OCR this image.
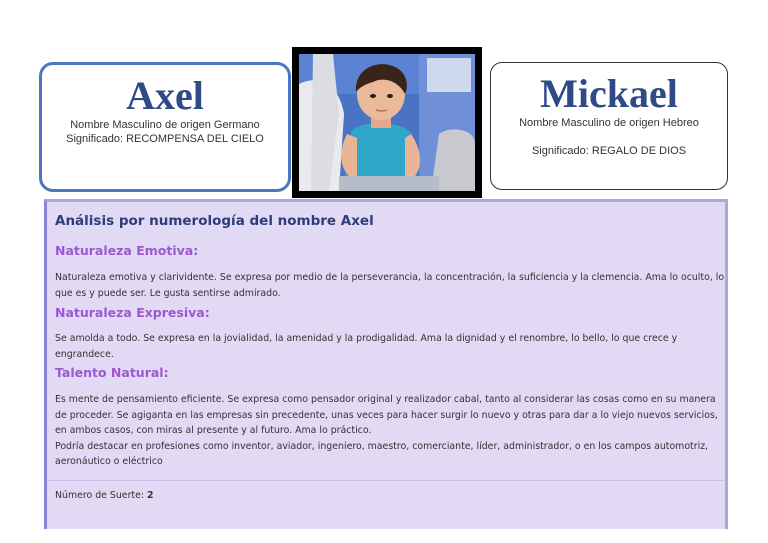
Axel

Nombre Masculino de origen Germano

Significado: RECOMPENSA DEL CIELO

Mickael

Nombre Masculino de origen Hebreo

Significado: REGALO DE DIOS

Análisis por numerología del nombre Axel

Naturaleza Emotiva:

Naturaleza emotiva y clarividente. Se expresa por medio de la perseverancia, la concentración, la suficiencia y la clemencia. Ama lo oculto, lo que es y puede ser. Le gusta sentirse admirado.

Naturaleza Expresiva:

Se amolda a todo. Se expresa en la jovialidad, la amenidad y la prodigalidad. Ama la dignidad y el renombre, lo bello, lo que crece y engrandece.

Talento Natural:

Es mente de pensamiento eficiente. Se expresa como pensador original y realizador cabal, tanto al considerar las cosas como en su manera de proceder. Se agiganta en las empresas sin precedente, unas veces para hacer surgir lo nuevo y otras para dar a lo viejo nuevos servicios, en ambos casos, con miras al presente y al futuro. Ama lo práctico.

Podría destacar en profesiones como inventor, aviador, ingeniero, maestro, comerciante, líder, administrador, o en los campos automotriz, aeronáutico o eléctrico

Número de Suerte: 2
